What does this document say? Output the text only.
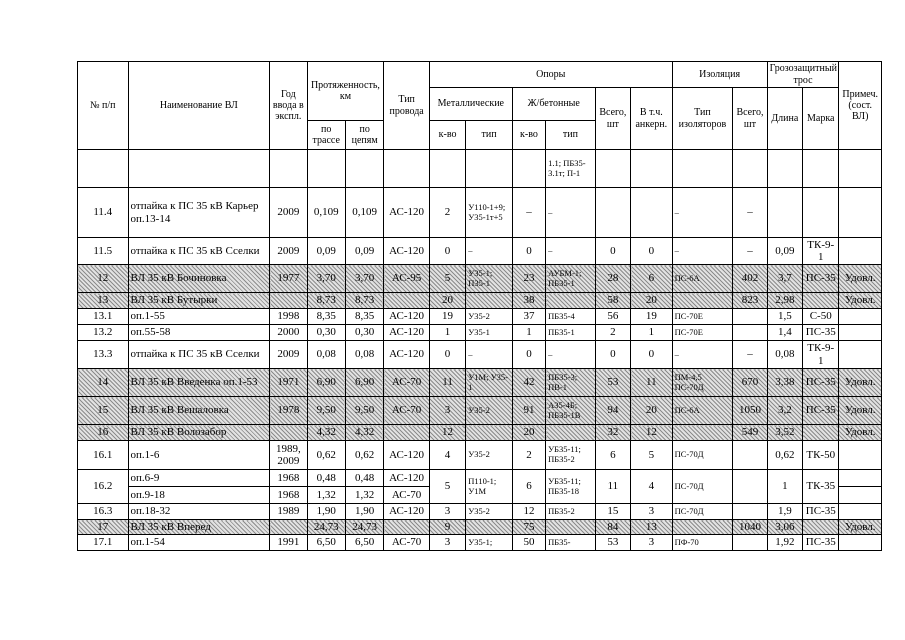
№ п/п	Наименование ВЛ	Год ввода в экспл.	Протяженность, км		Тип провода	Опоры						Изоляция		Грозозащитный трос		Примеч. (сост. ВЛ)
						Металлические		Ж/бетонные		Всего, шт	В т.ч. анкерн.	Тип изоляторов	Всего, шт	Длина	Марка	
			по трассе	по цепям		к-во	тип	к-во	тип							
									1.1; ПБ35-3.1т; П-1							
11.4	отпайка к ПС 35 кВ Карьер оп.13-14	2009	0,109	0,109	АС-120	2	У110-1+9; У35-1т+5	–	–			–	–			
11.5	отпайка к ПС 35 кВ Сселки	2009	0,09	0,09	АС-120	0	–	0	–	0	0	–	–	0,09	ТК-9-1	
12	ВЛ 35 кВ Бочиновка	1977	3,70	3,70	АС-95	5	У35-1; П35-1	23	АУБМ-1; ПБ35-1	28	6	ПС-6А	402	3,7	ПС-35	Удовл.
13	ВЛ 35 кВ Бутырки		8,73	8,73		20		38		58	20		823	2,98		Удовл.
13.1	оп.1-55	1998	8,35	8,35	АС-120	19	У35-2	37	ПБ35-4	56	19	ПС-70Е		1,5	С-50	
13.2	оп.55-58	2000	0,30	0,30	АС-120	1	У35-1	1	ПБ35-1	2	1	ПС-70Е		1,4	ПС-35	
13.3	отпайка к ПС 35 кВ Сселки	2009	0,08	0,08	АС-120	0	–	0	–	0	0	–	–	0,08	ТК-9-1	
14	ВЛ 35 кВ Введенка оп.1-53	1971	6,90	6,90	АС-70	11	У1М; У35-1	42	ПБ35-3; ПВ-1	53	11	ПМ-4,5 ПС-70Д	670	3,38	ПС-35	Удовл.
15	ВЛ 35 кВ Вешаловка	1978	9,50	9,50	АС-70	3	У35-2	91	А35-4Б; ПБ35-1В	94	20	ПС-6А	1050	3,2	ПС-35	Удовл.
16	ВЛ 35 кВ Волозабор		4,32	4,32		12		20		32	12		549	3,52		Удовл.
16.1	оп.1-6	1989, 2009	0,62	0,62	АС-120	4	У35-2	2	УБ35-11; ПБ35-2	6	5	ПС-70Д		0,62	ТК-50	
16.2	оп.6-9	1968	0,48	0,48	АС-120	5	П110-1; У1М	6	УБ35-11; ПБ35-18	11	4	ПС-70Д		1	ТК-35	
	оп.9-18	1968	1,32	1,32	АС-70											
16.3	оп.18-32	1989	1,90	1,90	АС-120	3	У35-2	12	ПБ35-2	15	3	ПС-70Д		1,9	ПС-35	
17	ВЛ 35 кВ Вперед		24,73	24,73		9		75		84	13		1040	3,06		Удовл.
17.1	оп.1-54	1991	6,50	6,50	АС-70	3	У35-1;	50	ПБ35-	53	3	ПФ-70		1,92	ПС-35	
